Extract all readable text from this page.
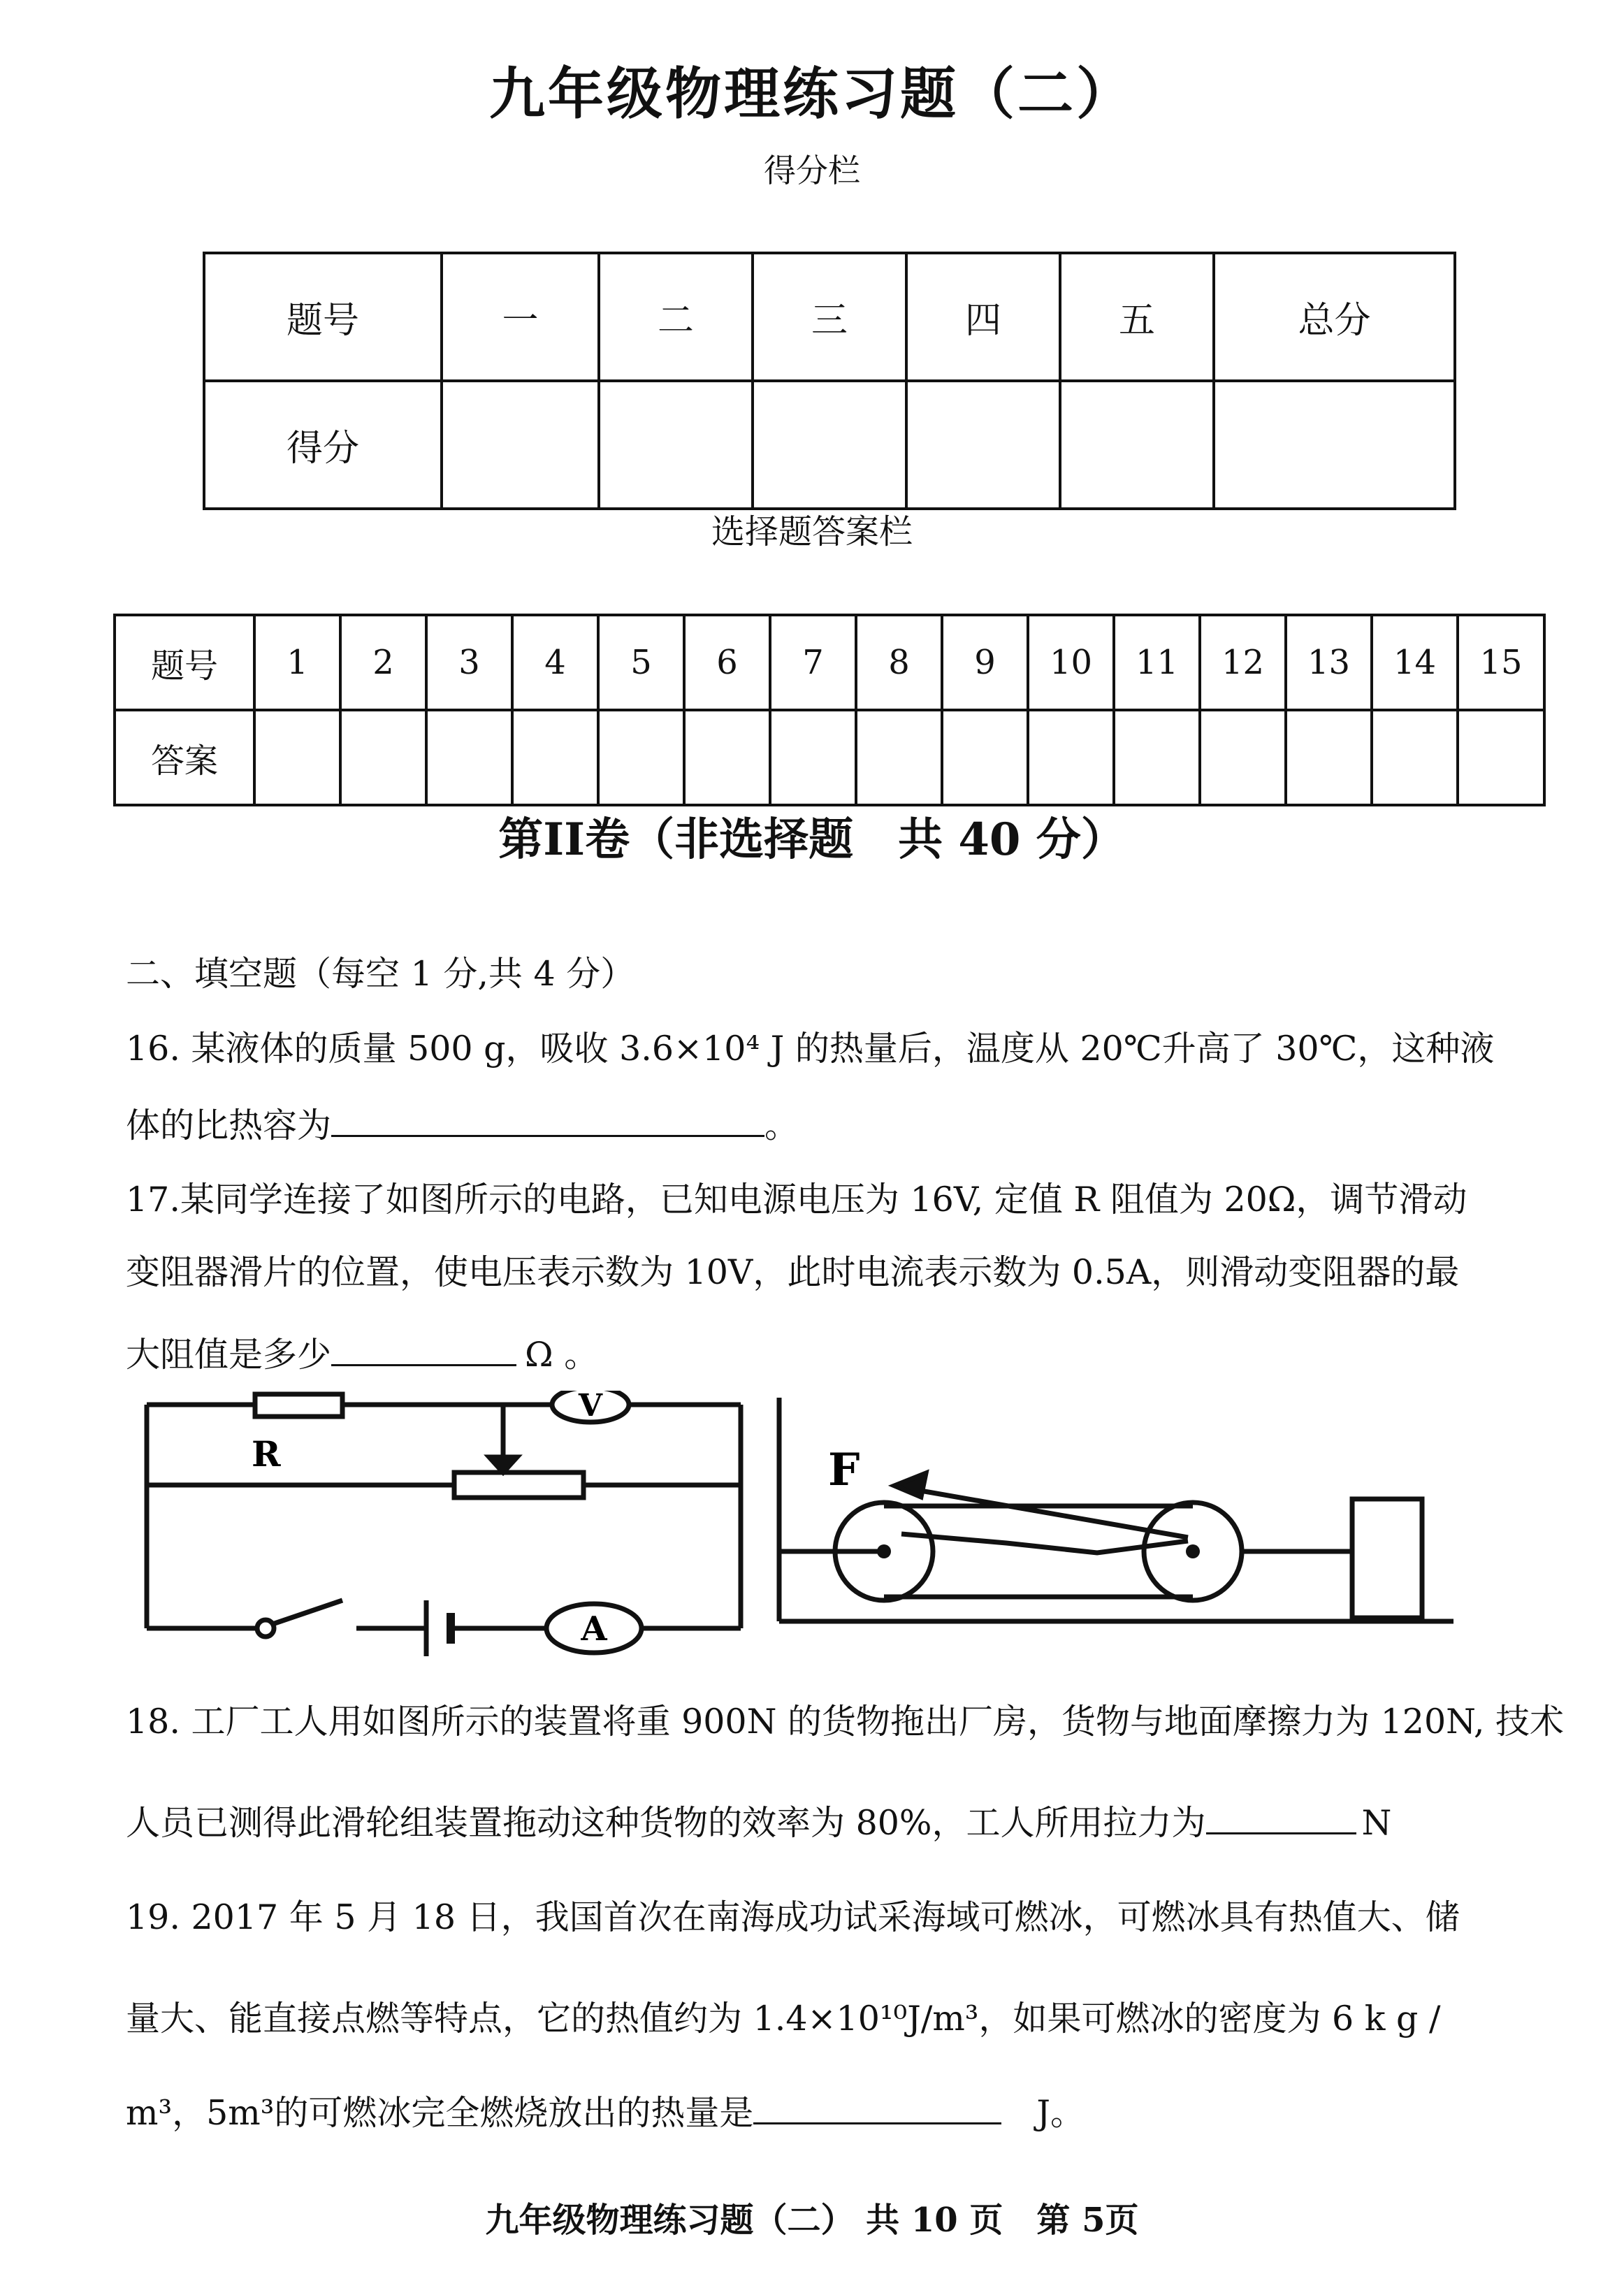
九年级物理练习题（二）
得分栏
题号	一	二	三	四	五	总分
得分						
选择题答案栏
题号	1	2	3	4	5	6	7	8	9	10	11	12	13	14	15
答案															
第II卷（非选择题　共 40 分）
二、填空题（每空 1 分,共 4 分）
16. 某液体的质量 500 g，吸收 3.6×10⁴ J 的热量后，温度从 20℃升高了 30℃，这种液
体的比热容为	。
17.某同学连接了如图所示的电路，已知电源电压为 16V, 定值 R 阻值为 20Ω，调节滑动
变阻器滑片的位置，使电压表示数为 10V，此时电流表示数为 0.5A，则滑动变阻器的最
大阻值是多少	Ω 。
R
V
A
F
18. 工厂工人用如图所示的装置将重 900N 的货物拖出厂房，货物与地面摩擦力为 120N, 技术
人员已测得此滑轮组装置拖动这种货物的效率为 80%，工人所用拉力为	N
19. 2017 年 5 月 18 日，我国首次在南海成功试采海域可燃冰，可燃冰具有热值大、储
量大、能直接点燃等特点，它的热值约为 1.4×10¹⁰J/m³，如果可燃冰的密度为 6 k g /
m³，5m³的可燃冰完全燃烧放出的热量是	J。
九年级物理练习题（二） 共 10 页　第 5页
